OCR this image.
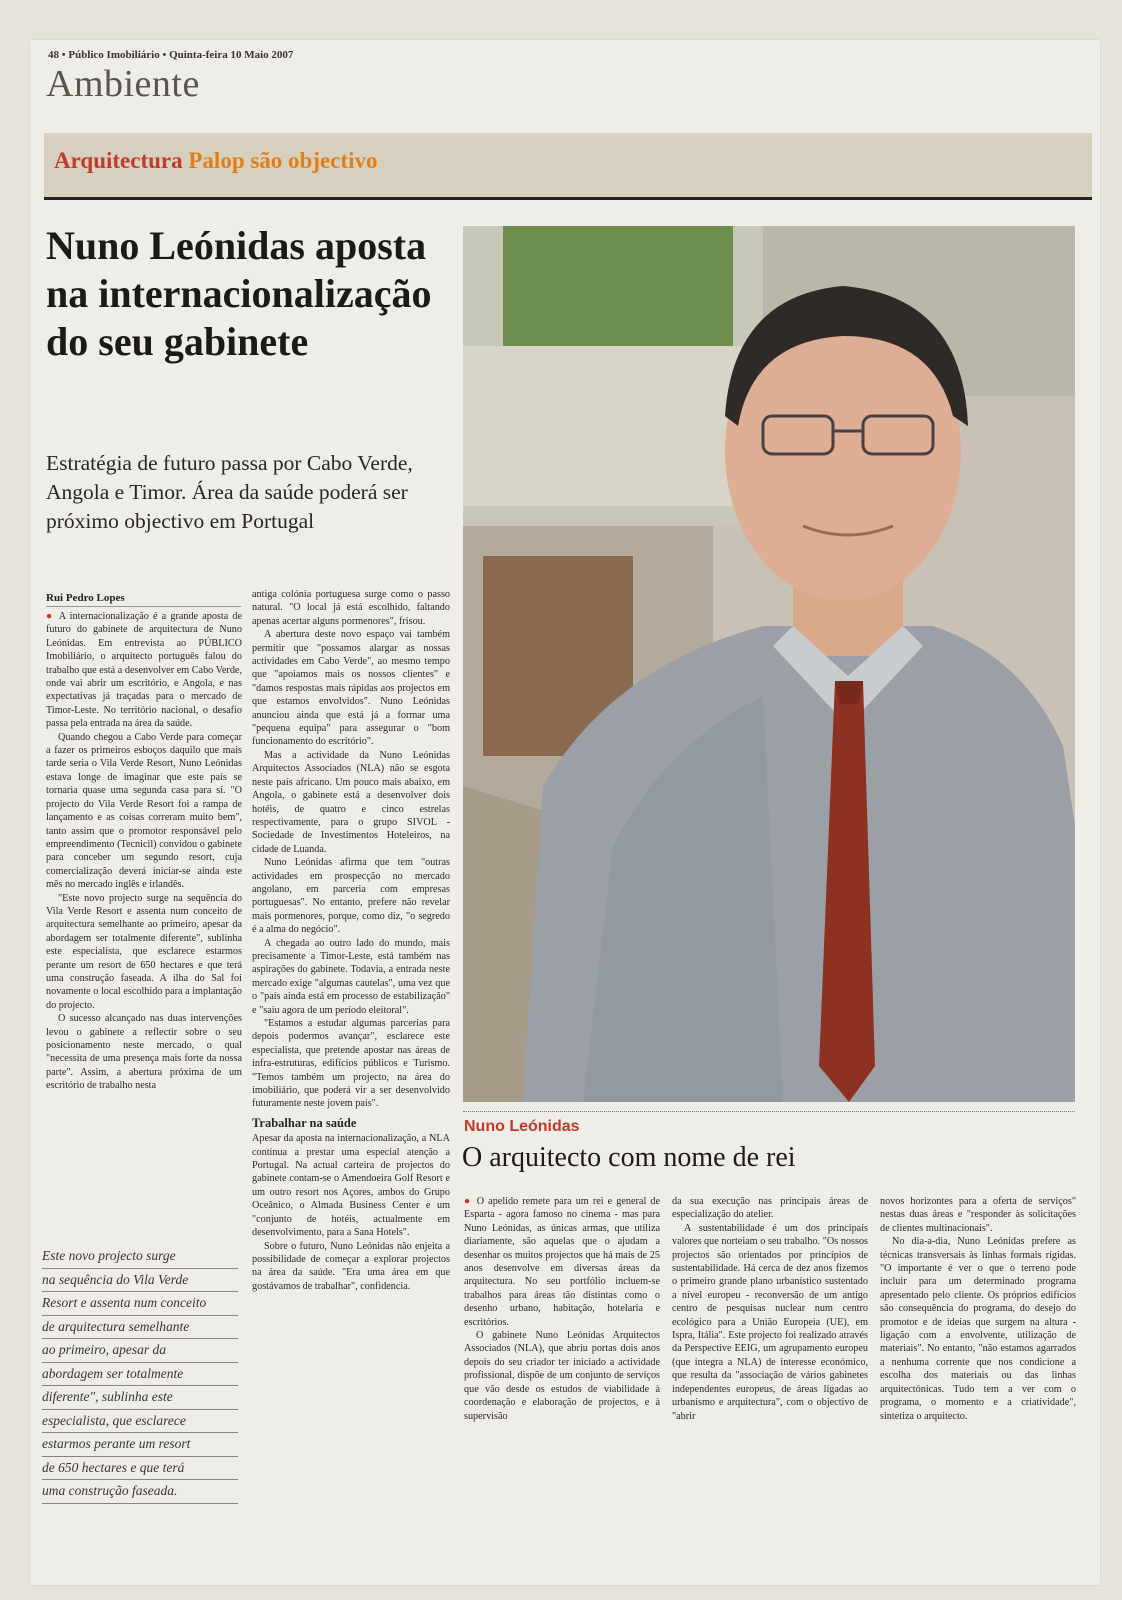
48 • Público Imobiliário • Quinta-feira 10 Maio 2007
Ambiente
Arquitectura Palop são objectivo
Nuno Leónidas aposta na internacionalização do seu gabinete
Estratégia de futuro passa por Cabo Verde, Angola e Timor. Área da saúde poderá ser próximo objectivo em Portugal
Rui Pedro Lopes

● A internacionalização é a grande aposta de futuro do gabinete de arquitectura de Nuno Leónidas. Em entrevista ao PÚBLICO Imobiliário, o arquitecto português falou do trabalho que está a desenvolver em Cabo Verde, onde vai abrir um escritório, e Angola, e nas expectativas já traçadas para o mercado de Timor-Leste. No território nacional, o desafio passa pela entrada na área da saúde.

Quando chegou a Cabo Verde para começar a fazer os primeiros esboços daquilo que mais tarde seria o Vila Verde Resort, Nuno Leónidas estava longe de imaginar que este país se tornaria quase uma segunda casa para si. "O projecto do Vila Verde Resort foi a rampa de lançamento e as coisas correram muito bem", tanto assim que o promotor responsável pelo empreendimento (Tecnicil) convidou o gabinete para conceber um segundo resort, cuja comercialização deverá iniciar-se ainda este mês no mercado inglês e irlandês.

"Este novo projecto surge na sequência do Vila Verde Resort e assenta num conceito de arquitectura semelhante ao primeiro, apesar da abordagem ser totalmente diferente", sublinha este especialista, que esclarece estarmos perante um resort de 650 hectares e que terá uma construção faseada. A ilha do Sal foi novamente o local escolhido para a implantação do projecto.

O sucesso alcançado nas duas intervenções levou o gabinete a reflectir sobre o seu posicionamento neste mercado, o qual "necessita de uma presença mais forte da nossa parte". Assim, a abertura próxima de um escritório de trabalho nesta

Este novo projecto surge
na sequência do Vila Verde
Resort e assenta num conceito
de arquitectura semelhante
ao primeiro, apesar da
abordagem ser totalmente
diferente", sublinha este
especialista, que esclarece
estarmos perante um resort
de 650 hectares e que terá
uma construção faseada.

antiga colónia portuguesa surge como o passo natural. "O local já está escolhido, faltando apenas acertar alguns pormenores", frisou.

A abertura deste novo espaço vai também permitir que "possamos alargar as nossas actividades em Cabo Verde", ao mesmo tempo que "apoiamos mais os nossos clientes" e "damos respostas mais rápidas aos projectos em que estamos envolvidos". Nuno Leónidas anunciou ainda que está já a formar uma "pequena equipa" para assegurar o "bom funcionamento do escritório".

Mas a actividade da Nuno Leónidas Arquitectos Associados (NLA) não se esgota neste país africano. Um pouco mais abaixo, em Angola, o gabinete está a desenvolver dois hotéis, de quatro e cinco estrelas respectivamente, para o grupo SIVOL - Sociedade de Investimentos Hoteleiros, na cidade de Luanda.

Nuno Leónidas afirma que tem "outras actividades em prospecção no mercado angolano, em parceria com empresas portuguesas". No entanto, prefere não revelar mais pormenores, porque, como diz, "o segredo é a alma do negócio".

A chegada ao outro lado do mundo, mais precisamente a Timor-Leste, está também nas aspirações do gabinete. Todavia, a entrada neste mercado exige "algumas cautelas", uma vez que o "país ainda está em processo de estabilização" e "saiu agora de um período eleitoral".

"Estamos a estudar algumas parcerias para depois podermos avançar", esclarece este especialista, que pretende apostar nas áreas de infra-estruturas, edifícios públicos e Turismo. "Temos também um projecto, na área do imobiliário, que poderá vir a ser desenvolvido futuramente neste jovem país".

Trabalhar na saúde

Apesar da aposta na internacionalização, a NLA continua a prestar uma especial atenção a Portugal. Na actual carteira de projectos do gabinete contam-se o Amendoeira Golf Resort e um outro resort nos Açores, ambos do Grupo Oceânico, o Almada Business Center e um "conjunto de hotéis, actualmente em desenvolvimento, para a Sana Hotels".

Sobre o futuro, Nuno Leónidas não enjeita a possibilidade de começar a explorar projectos na área da saúde. "Era uma área em que gostávamos de trabalhar", confidencia.

Nuno Leónidas
O arquitecto com nome de rei

● O apelido remete para um rei e general de Esparta - agora famoso no cinema - mas para Nuno Leónidas, as únicas armas, que utiliza diariamente, são aquelas que o ajudam a desenhar os muitos projectos que há mais de 25 anos desenvolve em diversas áreas da arquitectura. No seu portfólio incluem-se trabalhos para áreas tão distintas como o desenho urbano, habitação, hotelaria e escritórios.

O gabinete Nuno Leónidas Arquitectos Associados (NLA), que abriu portas dois anos depois do seu criador ter iniciado a actividade profissional, dispõe de um conjunto de serviços que vão desde os estudos de viabilidade à coordenação e elaboração de projectos, e à supervisão

da sua execução nas principais áreas de especialização do atelier.

A sustentabilidade é um dos principais valores que norteiam o seu trabalho. "Os nossos projectos são orientados por princípios de sustentabilidade. Há cerca de dez anos fizemos o primeiro grande plano urbanístico sustentado a nível europeu - reconversão de um antigo centro de pesquisas nuclear num centro ecológico para a União Europeia (UE), em Ispra, Itália". Este projecto foi realizado através da Perspective EEIG, um agrupamento europeu (que integra a NLA) de interesse económico, que resulta da "associação de vários gabinetes independentes europeus, de áreas ligadas ao urbanismo e arquitectura", com o objectivo de "abrir

novos horizontes para a oferta de serviços" nestas duas áreas e "responder às solicitações de clientes multinacionais".

No dia-a-dia, Nuno Leónidas prefere as técnicas transversais às linhas formais rígidas. "O importante é ver o que o terreno pode incluir para um determinado programa apresentado pelo cliente. Os próprios edifícios são consequência do programa, do desejo do promotor e de ideias que surgem na altura - ligação com a envolvente, utilização de materiais". No entanto, "não estamos agarrados a nenhuma corrente que nos condicione a escolha dos materiais ou das linhas arquitectónicas. Tudo tem a ver com o programa, o momento e a criatividade", sintetiza o arquitecto.
